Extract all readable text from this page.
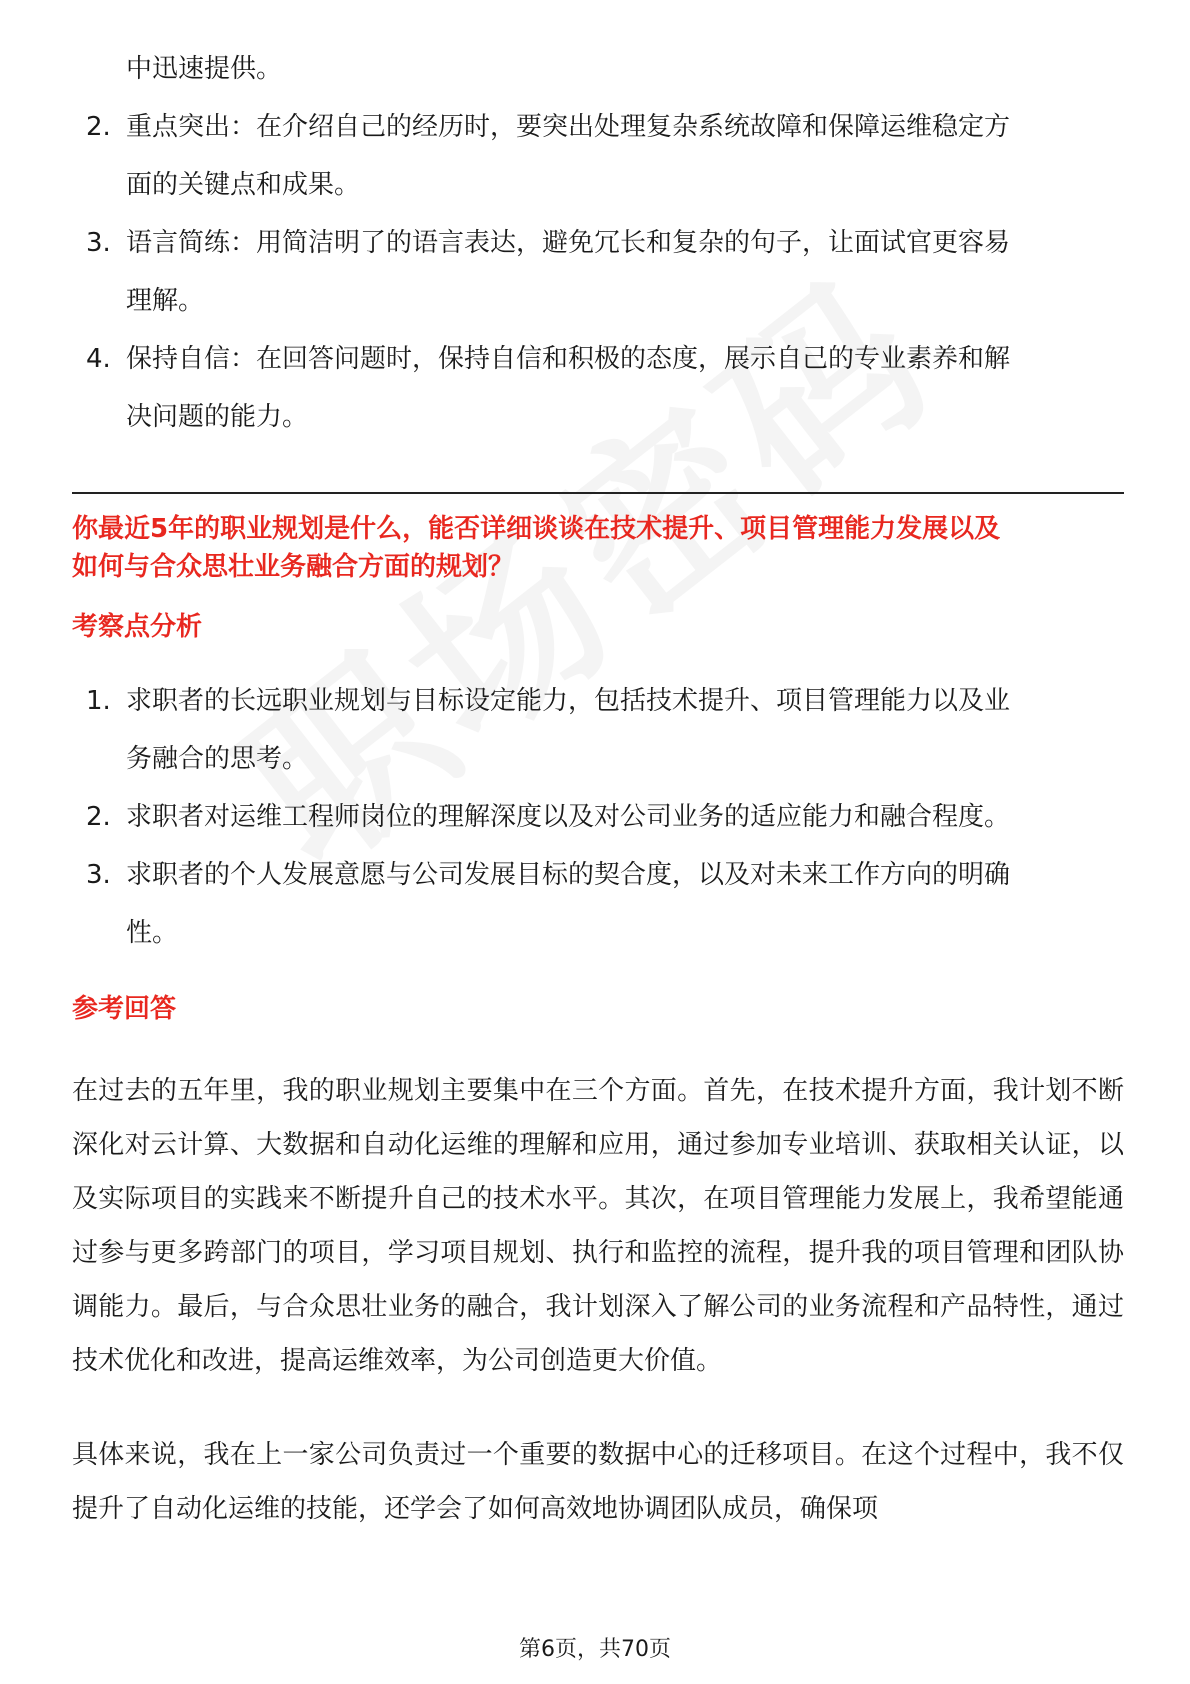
中迅速提供。
2. 重点突出：在介绍自己的经历时，要突出处理复杂系统故障和保障运维稳定方
面的关键点和成果。
3. 语言简练：用简洁明了的语言表达，避免冗长和复杂的句子，让面试官更容易
理解。
4. 保持自信：在回答问题时，保持自信和积极的态度，展示自己的专业素养和解
决问题的能力。
你最近5年的职业规划是什么，能否详细谈谈在技术提升、项目管理能力发展以及
如何与合众思壮业务融合方面的规划？
考察点分析
1. 求职者的长远职业规划与目标设定能力，包括技术提升、项目管理能力以及业
务融合的思考。
2. 求职者对运维工程师岗位的理解深度以及对公司业务的适应能力和融合程度。
3. 求职者的个人发展意愿与公司发展目标的契合度，以及对未来工作方向的明确
性。
参考回答

在过去的五年里，我的职业规划主要集中在三个方面。首先，在技术提升方面，我计划不断深化对云计算、大数据和自动化运维的理解和应用，通过参加专业培训、获取相关认证，以及实际项目的实践来不断提升自己的技术水平。其次，在项目管理能力发展上，我希望能通过参与更多跨部门的项目，学习项目规划、执行和监控的流程，提升我的项目管理和团队协调能力。最后，与合众思壮业务的融合，我计划深入了解公司的业务流程和产品特性，通过技术优化和改进，提高运维效率，为公司创造更大价值。

具体来说，我在上一家公司负责过一个重要的数据中心的迁移项目。在这个过程中，我不仅提升了自动化运维的技能，还学会了如何高效地协调团队成员，确保项

第6页，共70页
